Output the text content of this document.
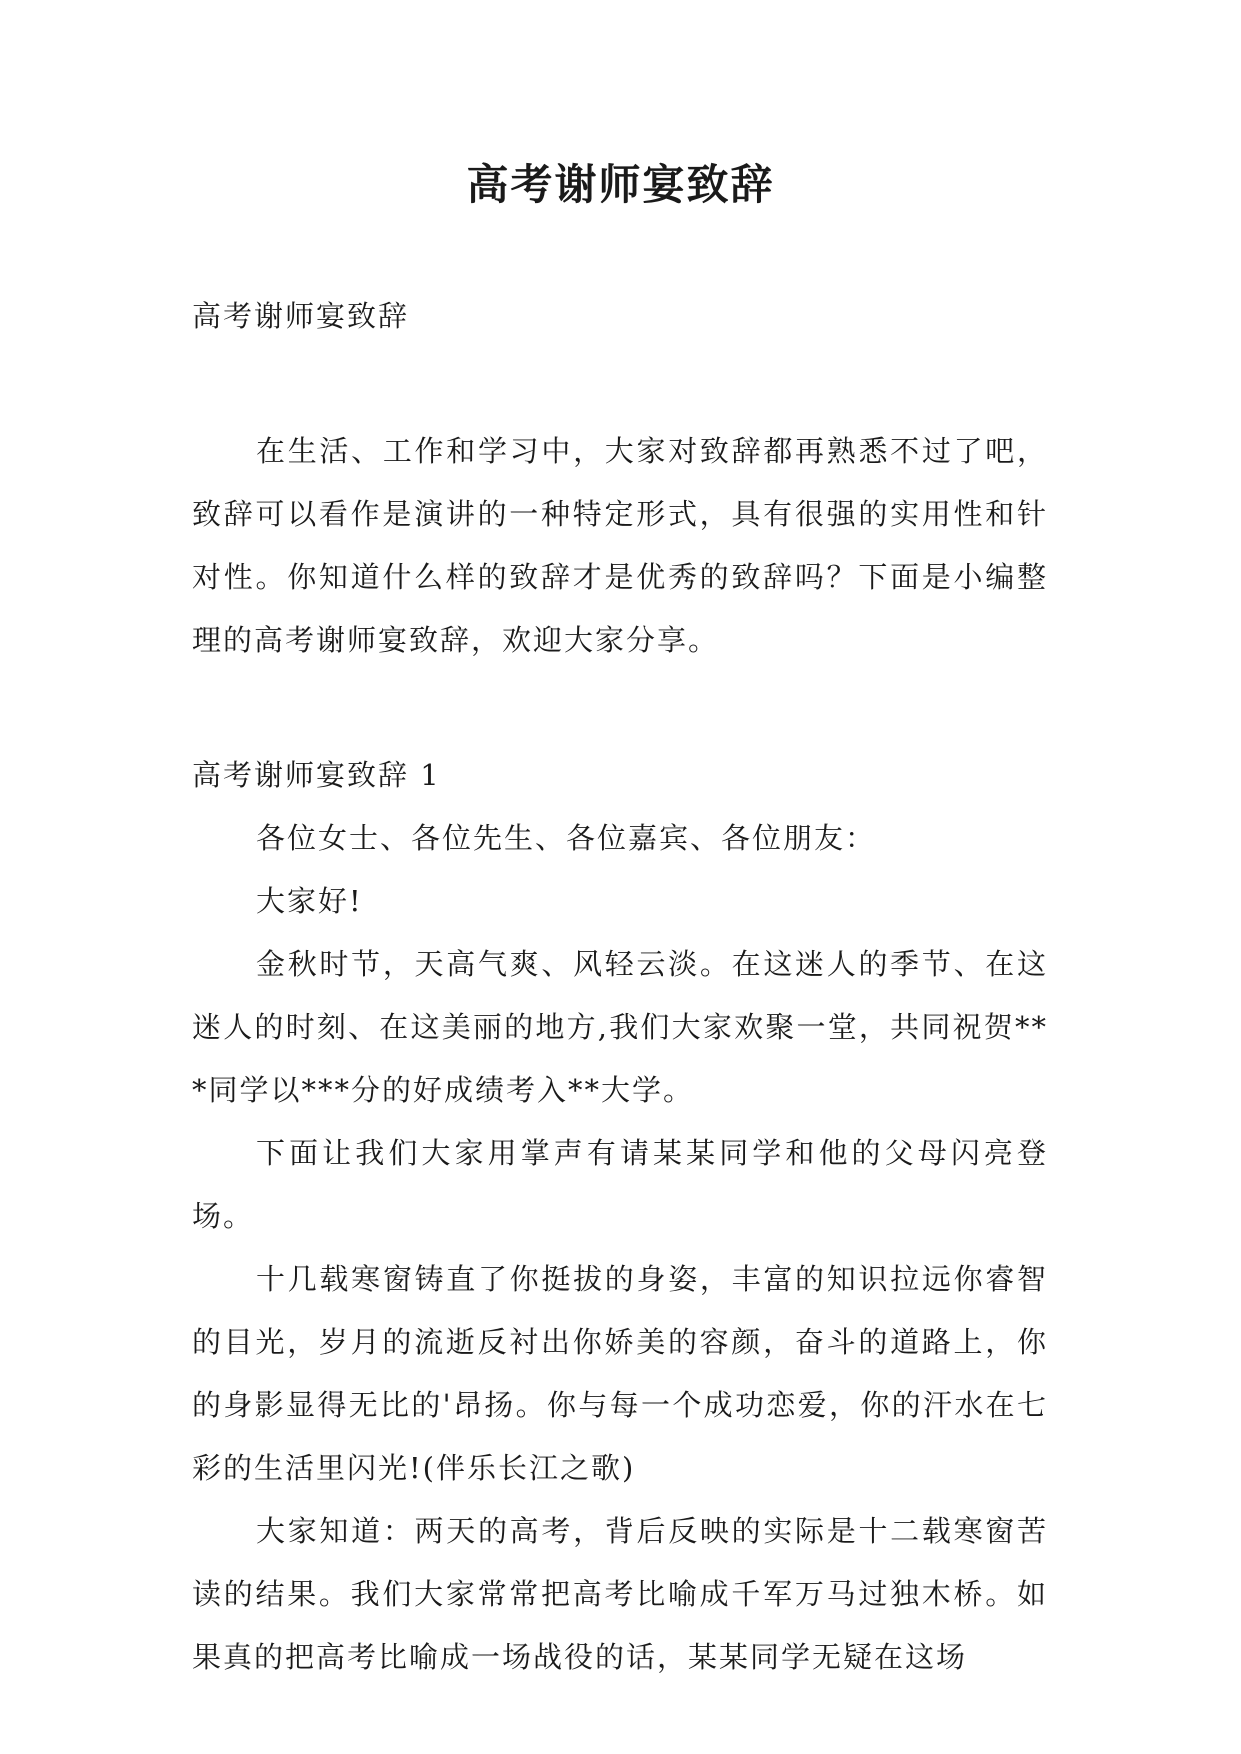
高考谢师宴致辞

高考谢师宴致辞

在生活、工作和学习中，大家对致辞都再熟悉不过了吧，致辞可以看作是演讲的一种特定形式，具有很强的实用性和针对性。你知道什么样的致辞才是优秀的致辞吗？下面是小编整理的高考谢师宴致辞，欢迎大家分享。

高考谢师宴致辞 1

各位女士、各位先生、各位嘉宾、各位朋友：

大家好!

金秋时节，天高气爽、风轻云淡。在这迷人的季节、在这迷人的时刻、在这美丽的地方,我们大家欢聚一堂，共同祝贺***同学以***分的好成绩考入**大学。

下面让我们大家用掌声有请某某同学和他的父母闪亮登场。

十几载寒窗铸直了你挺拔的身姿，丰富的知识拉远你睿智的目光，岁月的流逝反衬出你娇美的容颜，奋斗的道路上，你的身影显得无比的'昂扬。你与每一个成功恋爱，你的汗水在七彩的生活里闪光!(伴乐长江之歌)

大家知道：两天的高考，背后反映的实际是十二载寒窗苦读的结果。我们大家常常把高考比喻成千军万马过独木桥。如果真的把高考比喻成一场战役的话，某某同学无疑在这场
